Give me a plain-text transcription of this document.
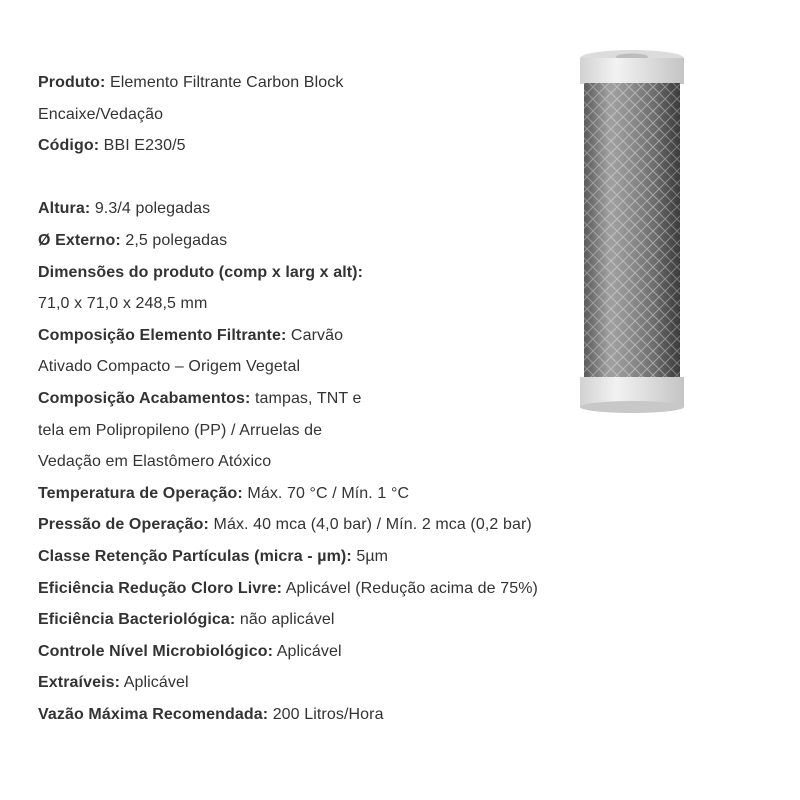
Produto: Elemento Filtrante Carbon Block
Encaixe/Vedação
Código: BBI E230/5
Altura: 9.3/4 polegadas
Ø Externo: 2,5 polegadas
Dimensões do produto (comp x larg x alt):
71,0 x 71,0 x 248,5 mm
Composição Elemento Filtrante: Carvão
Ativado Compacto – Origem Vegetal
Composição Acabamentos: tampas, TNT e
tela em Polipropileno (PP) / Arruelas de
Vedação em Elastômero Atóxico
Temperatura de Operação: Máx. 70 °C / Mín. 1 °C
Pressão de Operação: Máx. 40 mca (4,0 bar) / Mín. 2 mca (0,2 bar)
Classe Retenção Partículas (micra - µm): 5µm
Eficiência Redução Cloro Livre: Aplicável (Redução acima de 75%)
Eficiência Bacteriológica: não aplicável
Controle Nível Microbiológico: Aplicável
Extraíveis: Aplicável
Vazão Máxima Recomendada: 200 Litros/Hora
